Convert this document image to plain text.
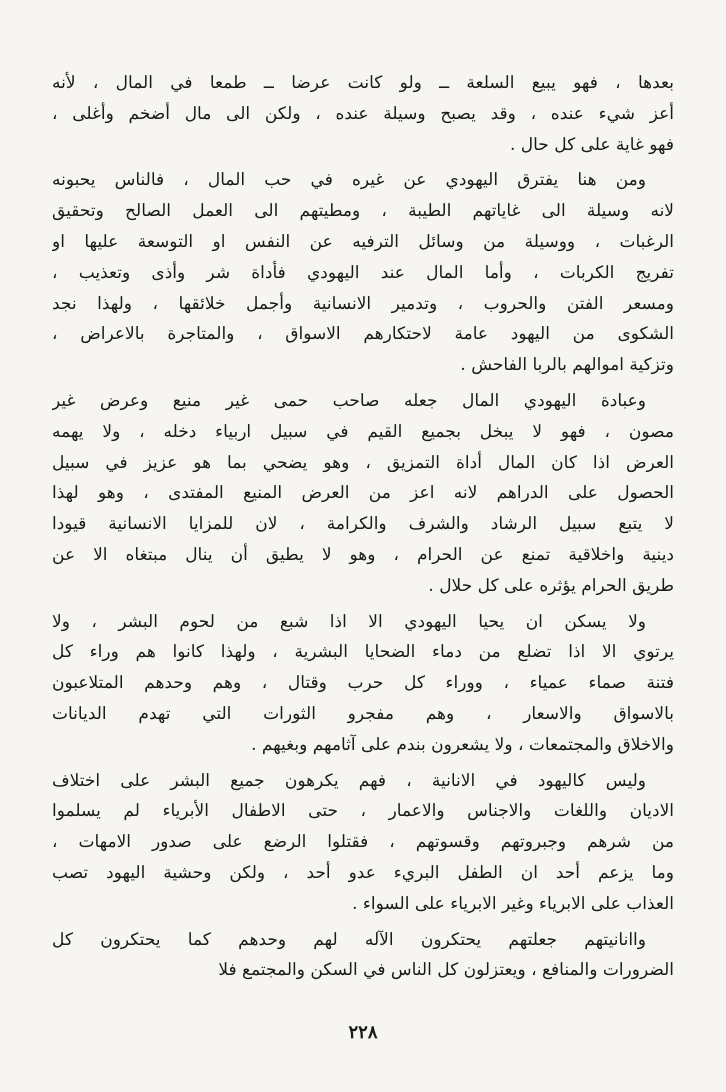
بعدها ، فهو يبيع السلعة ــ ولو كانت عرضا ــ طمعا في المال ، لأنه
أعز شيء عنده ، وقد يصبح وسيلة عنده ، ولكن الى مال أضخم وأغلى ،
فهو غاية على كل حال .
ومن هنا يفترق اليهودي عن غيره في حب المال ، فالناس يحبونه
لانه وسيلة الى غاياتهم الطيبة ، ومطيتهم الى العمل الصالح وتحقيق
الرغبات ، ووسيلة من وسائل الترفيه عن النفس او التوسعة عليها او
تفريج الكربات ، وأما المال عند اليهودي فأداة شر وأذى وتعذيب ،
ومسعر الفتن والحروب ، وتدمير الانسانية وأجمل خلائقها ، ولهذا نجد
الشكوى من اليهود عامة لاحتكارهم الاسواق ، والمتاجرة بالاعراض ،
وتزكية اموالهم بالربا الفاحش .
وعبادة اليهودي المال جعله صاحب حمى غير منيع وعرض غير
مصون ، فهو لا يبخل بجميع القيم في سبيل اربياء دخله ، ولا يهمه
العرض اذا كان المال أداة التمزيق ، وهو يضحي بما هو عزيز في سبيل
الحصول على الدراهم لانه اعز من العرض المنيع المفتدى ، وهو لهذا
لا يتبع سبيل الرشاد والشرف والكرامة ، لان للمزايا الانسانية قيودا
دينية واخلاقية تمنع عن الحرام ، وهو لا يطيق أن ينال مبتغاه الا عن
طريق الحرام يؤثره على كل حلال .
ولا يسكن ان يحيا اليهودي الا اذا شبع من لحوم البشر ، ولا
يرتوي الا اذا تضلع من دماء الضحايا البشرية ، ولهذا كانوا هم وراء كل
فتنة صماء عمياء ، ووراء كل حرب وقتال ، وهم وحدهم المتلاعبون
بالاسواق والاسعار ، وهم مفجرو الثورات التي تهدم الديانات
والاخلاق والمجتمعات ، ولا يشعرون بندم على آثامهم وبغيهم .
وليس كاليهود في الانانية ، فهم يكرهون جميع البشر على اختلاف
الاديان واللغات والاجناس والاعمار ، حتى الاطفال الأبرياء لم يسلموا
من شرهم وجبروتهم وقسوتهم ، فقتلوا الرضع على صدور الامهات ،
وما يزعم أحد ان الطفل البريء عدو أحد ، ولكن وحشية اليهود تصب
العذاب على الابرياء وغير الابرياء على السواء .
واانانيتهم جعلتهم يحتكرون الآله لهم وحدهم كما يحتكرون كل
الضرورات والمنافع ، ويعتزلون كل الناس في السكن والمجتمع فلا
٢٢٨
